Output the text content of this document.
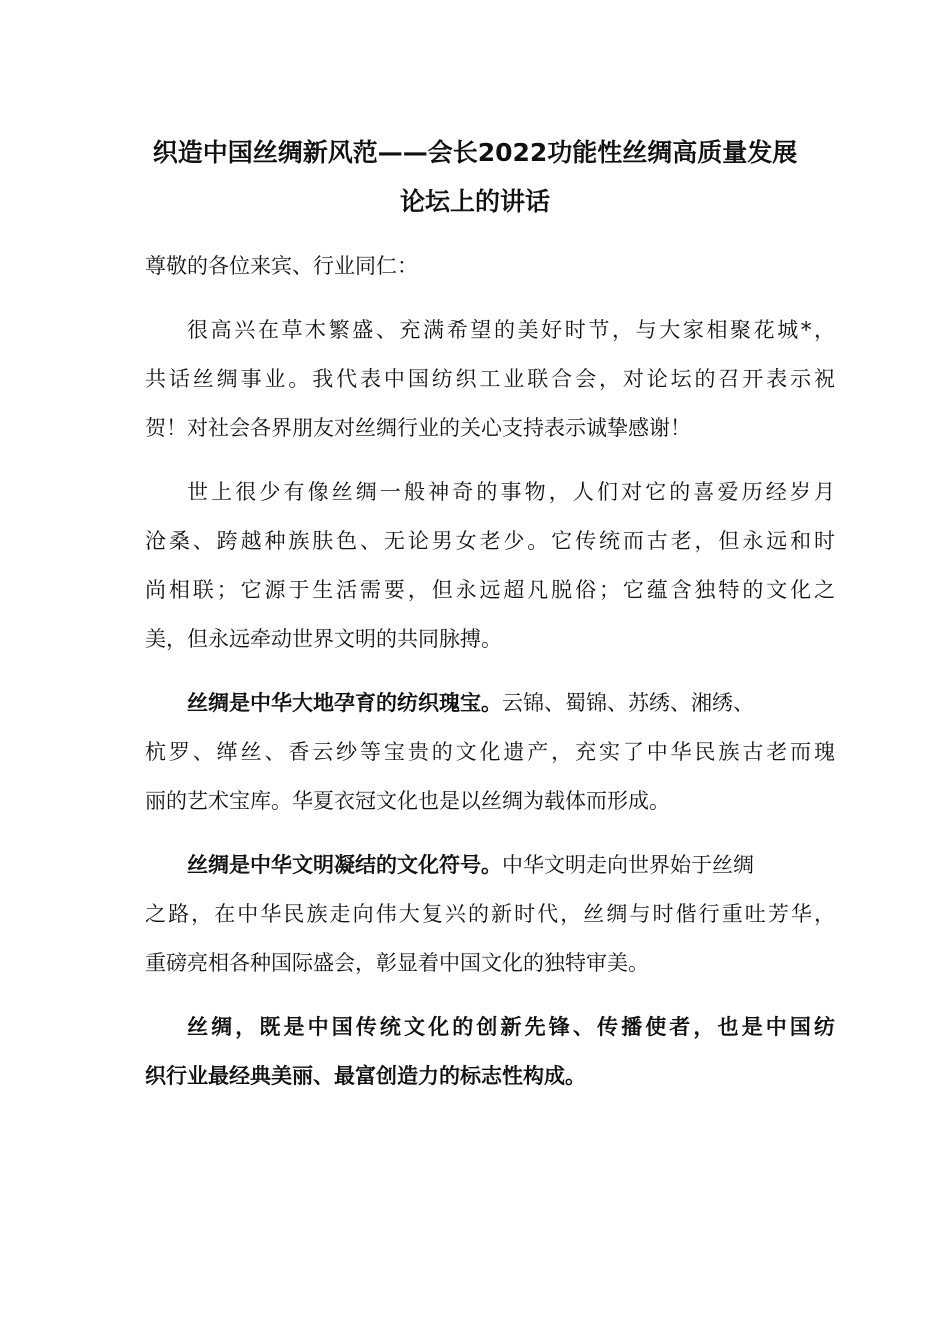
织造中国丝绸新风范——会长2022功能性丝绸高质量发展
论坛上的讲话
尊敬的各位来宾、行业同仁：
很高兴在草木繁盛、充满希望的美好时节，与大家相聚花城*，
共话丝绸事业。我代表中国纺织工业联合会，对论坛的召开表示祝
贺！对社会各界朋友对丝绸行业的关心支持表示诚挚感谢！
世上很少有像丝绸一般神奇的事物，人们对它的喜爱历经岁月
沧桑、跨越种族肤色、无论男女老少。它传统而古老，但永远和时
尚相联；它源于生活需要，但永远超凡脱俗；它蕴含独特的文化之
美，但永远牵动世界文明的共同脉搏。
丝绸是中华大地孕育的纺织瑰宝。云锦、蜀锦、苏绣、湘绣、
杭罗、缂丝、香云纱等宝贵的文化遗产，充实了中华民族古老而瑰
丽的艺术宝库。华夏衣冠文化也是以丝绸为载体而形成。
丝绸是中华文明凝结的文化符号。中华文明走向世界始于丝绸
之路，在中华民族走向伟大复兴的新时代，丝绸与时偕行重吐芳华，
重磅亮相各种国际盛会，彰显着中国文化的独特审美。
丝绸，既是中国传统文化的创新先锋、传播使者，也是中国纺
织行业最经典美丽、最富创造力的标志性构成。
